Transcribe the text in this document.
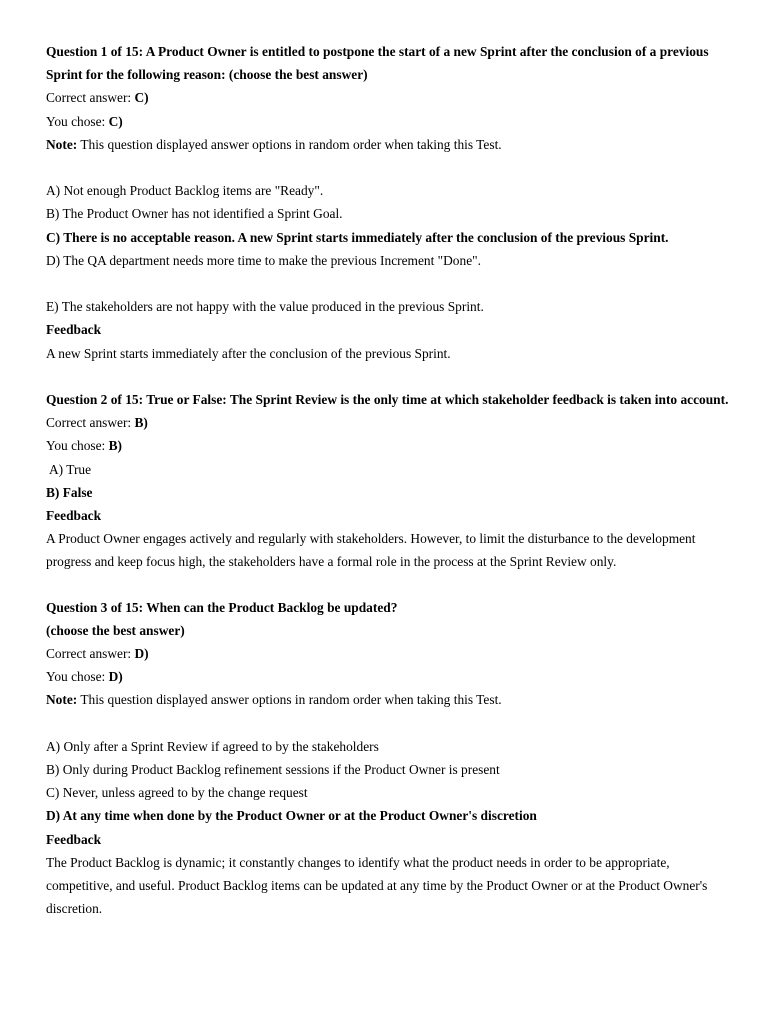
Question 1 of 15: A Product Owner is entitled to postpone the start of a new Sprint after the conclusion of a previous Sprint for the following reason: (choose the best answer)
Correct answer: C)
You chose: C)
Note: This question displayed answer options in random order when taking this Test.
A) Not enough Product Backlog items are "Ready".
B) The Product Owner has not identified a Sprint Goal.
C) There is no acceptable reason. A new Sprint starts immediately after the conclusion of the previous Sprint.
D) The QA department needs more time to make the previous Increment "Done".
E) The stakeholders are not happy with the value produced in the previous Sprint.
Feedback
A new Sprint starts immediately after the conclusion of the previous Sprint.
Question 2 of 15: True or False: The Sprint Review is the only time at which stakeholder feedback is taken into account.
Correct answer: B)
You chose: B)
A) True
B) False
Feedback
A Product Owner engages actively and regularly with stakeholders. However, to limit the disturbance to the development progress and keep focus high, the stakeholders have a formal role in the process at the Sprint Review only.
Question 3 of 15: When can the Product Backlog be updated?
(choose the best answer)
Correct answer: D)
You chose: D)
Note: This question displayed answer options in random order when taking this Test.
A) Only after a Sprint Review if agreed to by the stakeholders
B) Only during Product Backlog refinement sessions if the Product Owner is present
C) Never, unless agreed to by the change request
D) At any time when done by the Product Owner or at the Product Owner's discretion
Feedback
The Product Backlog is dynamic; it constantly changes to identify what the product needs in order to be appropriate, competitive, and useful. Product Backlog items can be updated at any time by the Product Owner or at the Product Owner's discretion.
